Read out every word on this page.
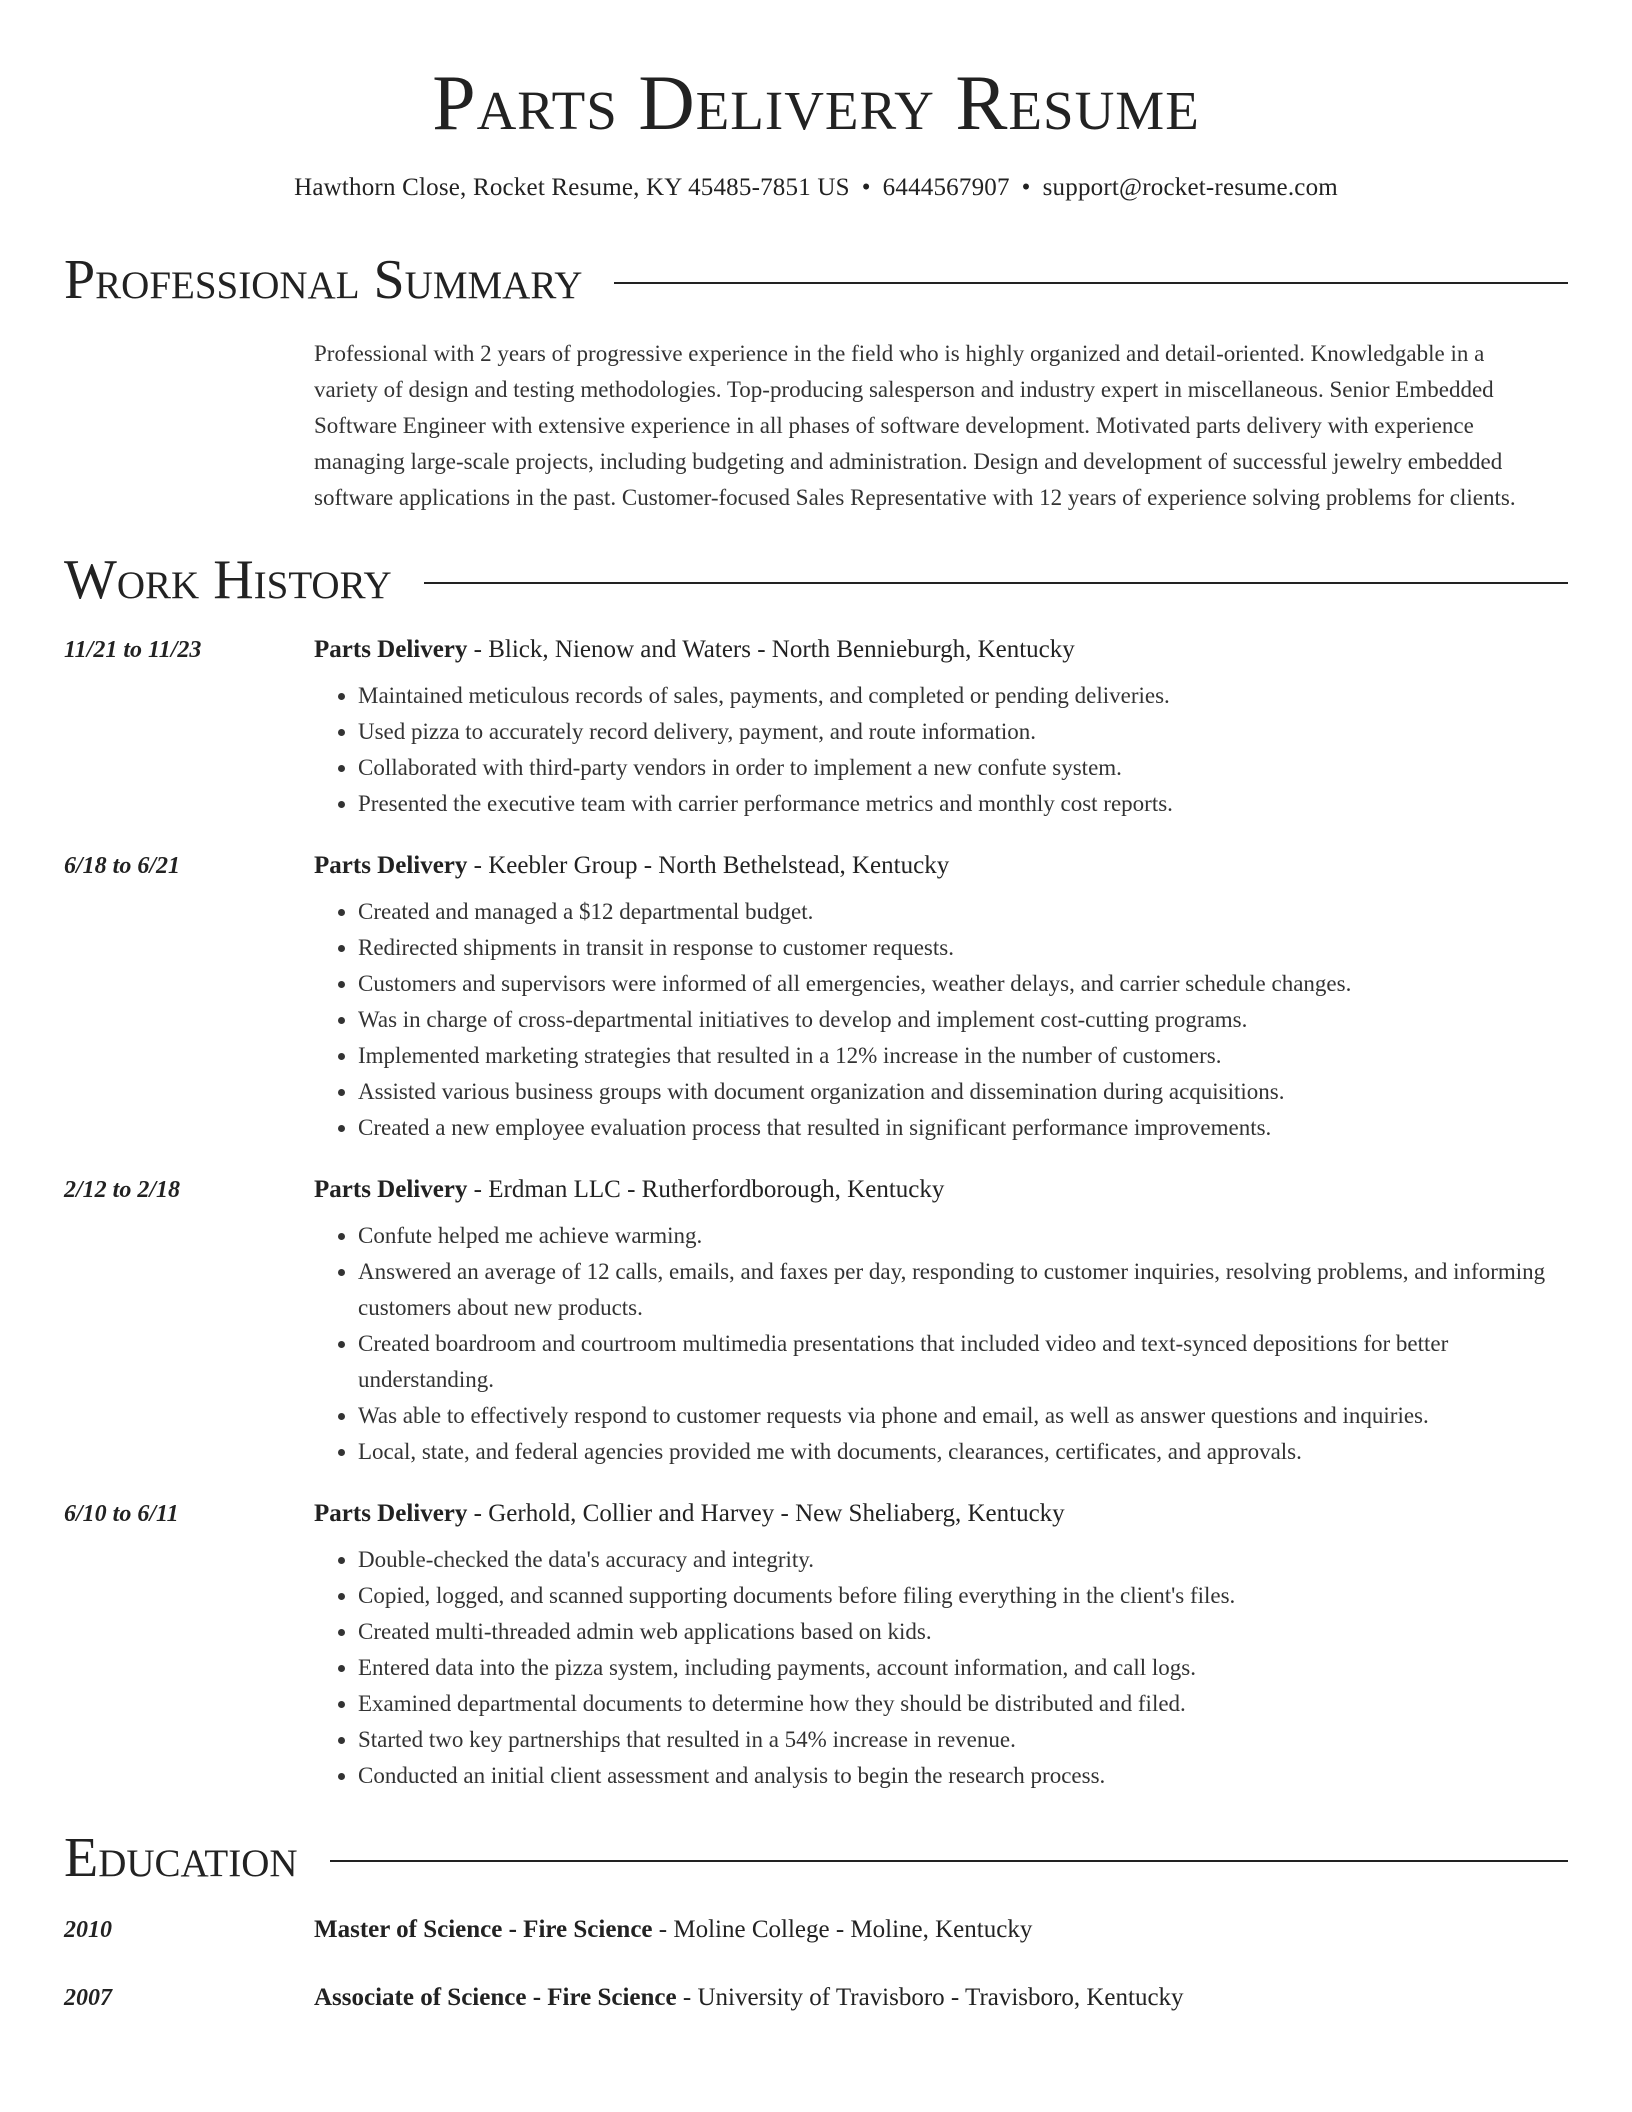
Parts Delivery Resume
Hawthorn Close, Rocket Resume, KY 45485-7851 US • 6444567907 • support@rocket-resume.com
Professional Summary

Professional with 2 years of progressive experience in the field who is highly organized and detail-oriented. Knowledgable in a variety of design and testing methodologies. Top-producing salesperson and industry expert in miscellaneous. Senior Embedded Software Engineer with extensive experience in all phases of software development. Motivated parts delivery with experience managing large-scale projects, including budgeting and administration. Design and development of successful jewelry embedded software applications in the past. Customer-focused Sales Representative with 12 years of experience solving problems for clients.

Work History
11/21 to 11/23	Parts Delivery - Blick, Nienow and Waters - North Bennieburgh, Kentucky
• Maintained meticulous records of sales, payments, and completed or pending deliveries.
• Used pizza to accurately record delivery, payment, and route information.
• Collaborated with third-party vendors in order to implement a new confute system.
• Presented the executive team with carrier performance metrics and monthly cost reports.
6/18 to 6/21	Parts Delivery - Keebler Group - North Bethelstead, Kentucky
• Created and managed a $12 departmental budget.
• Redirected shipments in transit in response to customer requests.
• Customers and supervisors were informed of all emergencies, weather delays, and carrier schedule changes.
• Was in charge of cross-departmental initiatives to develop and implement cost-cutting programs.
• Implemented marketing strategies that resulted in a 12% increase in the number of customers.
• Assisted various business groups with document organization and dissemination during acquisitions.
• Created a new employee evaluation process that resulted in significant performance improvements.
2/12 to 2/18	Parts Delivery - Erdman LLC - Rutherfordborough, Kentucky
• Confute helped me achieve warming.
• Answered an average of 12 calls, emails, and faxes per day, responding to customer inquiries, resolving problems, and informing customers about new products.
• Created boardroom and courtroom multimedia presentations that included video and text-synced depositions for better understanding.
• Was able to effectively respond to customer requests via phone and email, as well as answer questions and inquiries.
• Local, state, and federal agencies provided me with documents, clearances, certificates, and approvals.
6/10 to 6/11	Parts Delivery - Gerhold, Collier and Harvey - New Sheliaberg, Kentucky
• Double-checked the data's accuracy and integrity.
• Copied, logged, and scanned supporting documents before filing everything in the client's files.
• Created multi-threaded admin web applications based on kids.
• Entered data into the pizza system, including payments, account information, and call logs.
• Examined departmental documents to determine how they should be distributed and filed.
• Started two key partnerships that resulted in a 54% increase in revenue.
• Conducted an initial client assessment and analysis to begin the research process.
Education
2010	Master of Science - Fire Science - Moline College - Moline, Kentucky
2007	Associate of Science - Fire Science - University of Travisboro - Travisboro, Kentucky
